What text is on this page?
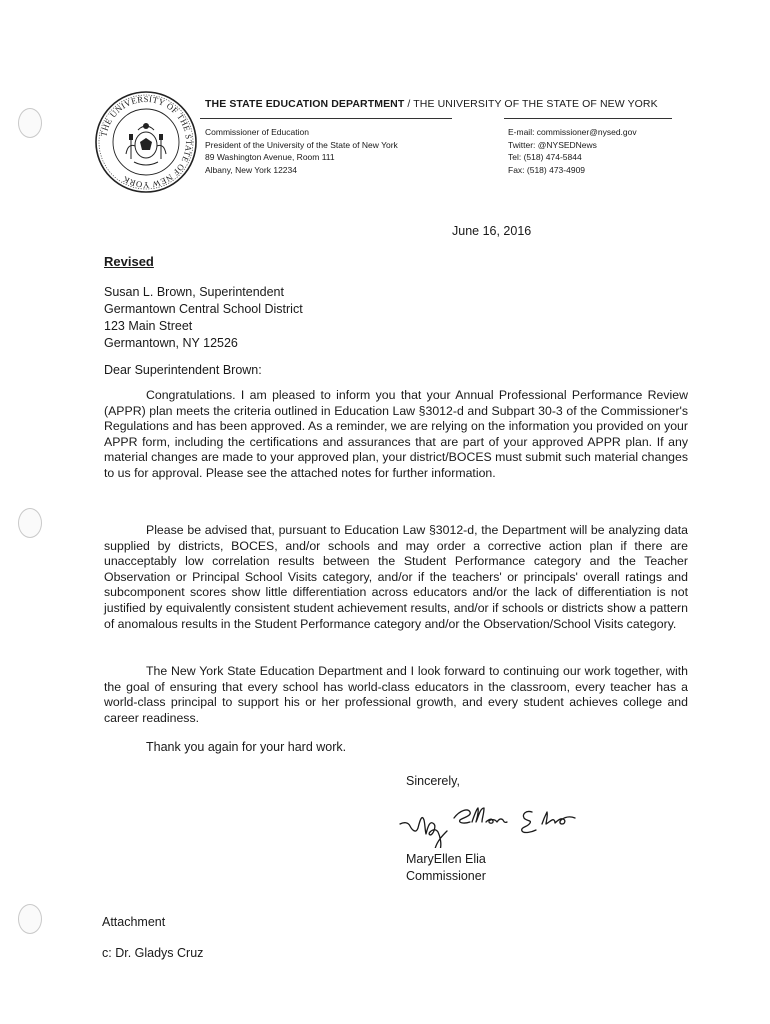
THE UNIVERSITY OF THE STATE OF NEW YORK
THE STATE EDUCATION DEPARTMENT / THE UNIVERSITY OF THE STATE OF NEW YORK
Commissioner of Education
President of the University of the State of New York
89 Washington Avenue, Room 111
Albany, New York 12234
E-mail: commissioner@nysed.gov
Twitter: @NYSEDNews
Tel: (518) 474-5844
Fax: (518) 473-4909
June 16, 2016
Revised
Susan L. Brown, Superintendent
Germantown Central School District
123 Main Street
Germantown, NY 12526
Dear Superintendent Brown:

Congratulations. I am pleased to inform you that your Annual Professional Performance Review (APPR) plan meets the criteria outlined in Education Law §3012-d and Subpart 30-3 of the Commissioner's Regulations and has been approved. As a reminder, we are relying on the information you provided on your APPR form, including the certifications and assurances that are part of your approved APPR plan. If any material changes are made to your approved plan, your district/BOCES must submit such material changes to us for approval. Please see the attached notes for further information.

Please be advised that, pursuant to Education Law §3012-d, the Department will be analyzing data supplied by districts, BOCES, and/or schools and may order a corrective action plan if there are unacceptably low correlation results between the Student Performance category and the Teacher Observation or Principal School Visits category, and/or if the teachers' or principals' overall ratings and subcomponent scores show little differentiation across educators and/or the lack of differentiation is not justified by equivalently consistent student achievement results, and/or if schools or districts show a pattern of anomalous results in the Student Performance category and/or the Observation/School Visits category.

The New York State Education Department and I look forward to continuing our work together, with the goal of ensuring that every school has world-class educators in the classroom, every teacher has a world-class principal to support his or her professional growth, and every student achieves college and career readiness.

Thank you again for your hard work.
Sincerely,
MaryEllen Elia
Commissioner
Attachment
c: Dr. Gladys Cruz
